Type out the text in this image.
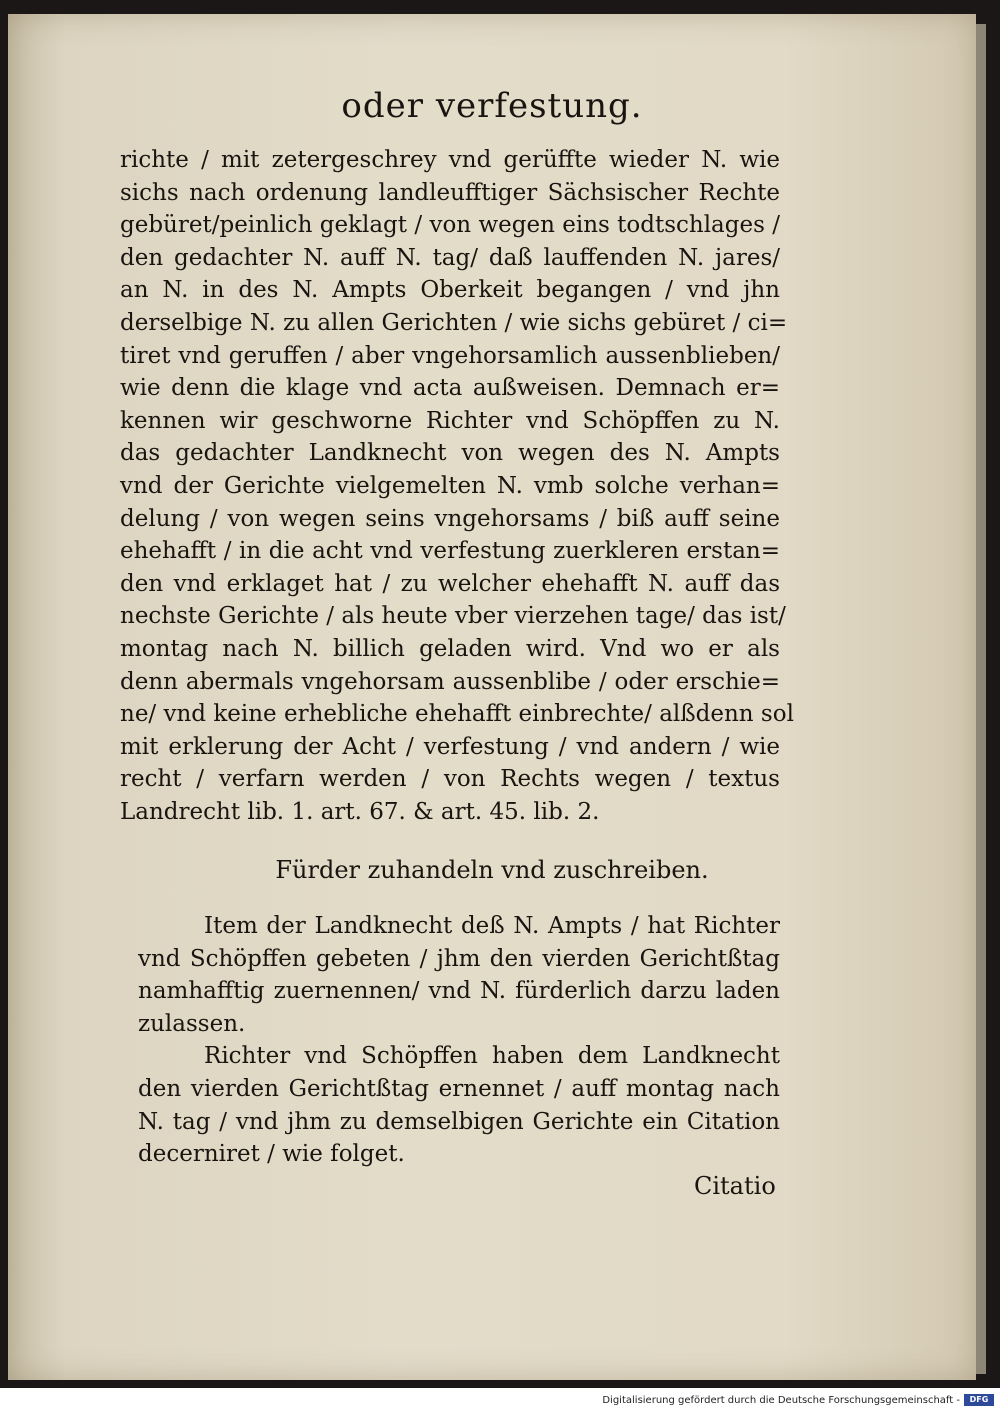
oder verfestung.
richte / mit zetergeschrey vnd gerüffte wieder N. wie
sichs nach ordenung landleufftiger Sächsischer Rechte
gebüret/peinlich geklagt / von wegen eins todtschlages /
den gedachter N. auff N. tag/ daß lauffenden N. jares/
an N. in des N. Ampts Oberkeit begangen / vnd jhn
derselbige N. zu allen Gerichten / wie sichs gebüret / ci=
tiret vnd geruffen / aber vngehorsamlich aussenblieben/
wie denn die klage vnd acta außweisen. Demnach er=
kennen wir geschworne Richter vnd Schöpffen zu N.
das gedachter Landknecht von wegen des N. Ampts
vnd der Gerichte vielgemelten N. vmb solche verhan=
delung / von wegen seins vngehorsams / biß auff seine
ehehafft / in die acht vnd verfestung zuerkleren erstan=
den vnd erklaget hat / zu welcher ehehafft N. auff das
nechste Gerichte / als heute vber vierzehen tage/ das ist/
montag nach N. billich geladen wird. Vnd wo er als
denn abermals vngehorsam aussenblibe / oder erschie=
ne/ vnd keine erhebliche ehehafft einbrechte/ alßdenn sol
mit erklerung der Acht / verfestung / vnd andern / wie
recht / verfarn werden / von Rechts wegen / textus
Landrecht lib. 1. art. 67. & art. 45. lib. 2.
Fürder zuhandeln vnd zuschreiben.
Item der Landknecht deß N. Ampts / hat Richter
vnd Schöpffen gebeten / jhm den vierden Gerichtßtag
namhafftig zuernennen/ vnd N. fürderlich darzu laden
zulassen.
Richter vnd Schöpffen haben dem Landknecht
den vierden Gerichtßtag ernennet / auff montag nach
N. tag / vnd jhm zu demselbigen Gerichte ein Citation
decerniret / wie folget.
Citatio
Digitalisierung gefördert durch die Deutsche Forschungsgemeinschaft -	DFG
